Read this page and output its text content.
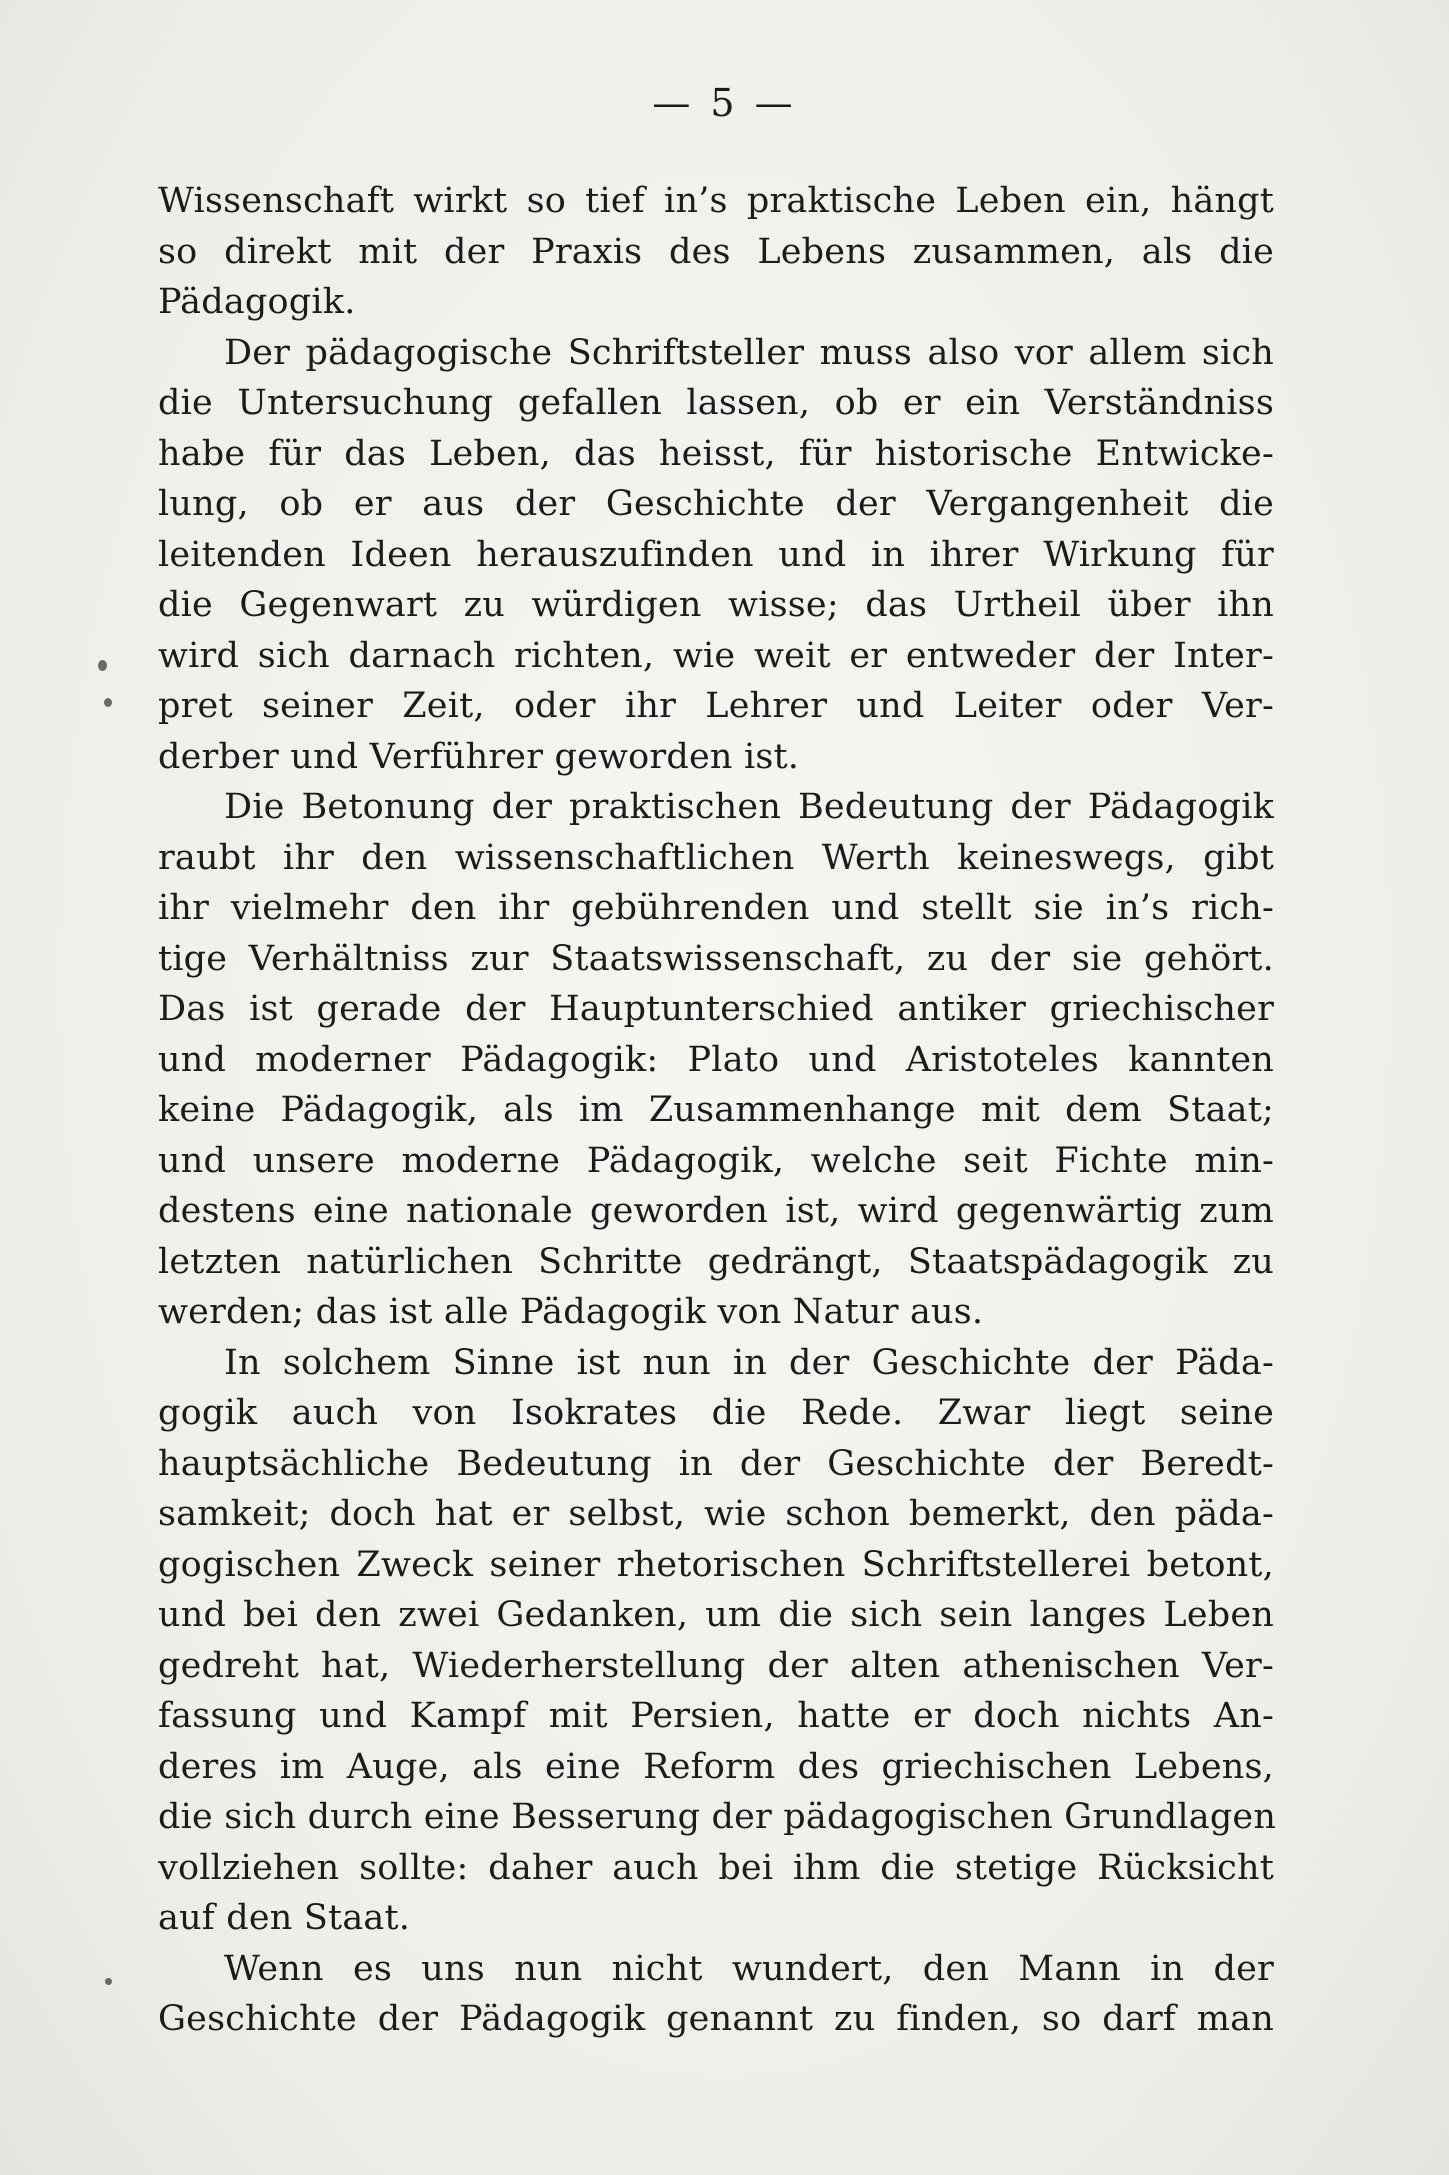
— 5 —
Wissenschaft wirkt so tief in’s praktische Leben ein, hängt
so direkt mit der Praxis des Lebens zusammen, als die
Pädagogik.
Der pädagogische Schriftsteller muss also vor allem sich
die Untersuchung gefallen lassen, ob er ein Verständniss
habe für das Leben, das heisst, für historische Entwicke-
lung, ob er aus der Geschichte der Vergangenheit die
leitenden Ideen herauszufinden und in ihrer Wirkung für
die Gegenwart zu würdigen wisse; das Urtheil über ihn
wird sich darnach richten, wie weit er entweder der Inter-
pret seiner Zeit, oder ihr Lehrer und Leiter oder Ver-
derber und Verführer geworden ist.
Die Betonung der praktischen Bedeutung der Pädagogik
raubt ihr den wissenschaftlichen Werth keineswegs, gibt
ihr vielmehr den ihr gebührenden und stellt sie in’s rich-
tige Verhältniss zur Staatswissenschaft, zu der sie gehört.
Das ist gerade der Hauptunterschied antiker griechischer
und moderner Pädagogik: Plato und Aristoteles kannten
keine Pädagogik, als im Zusammenhange mit dem Staat;
und unsere moderne Pädagogik, welche seit Fichte min-
destens eine nationale geworden ist, wird gegenwärtig zum
letzten natürlichen Schritte gedrängt, Staatspädagogik zu
werden; das ist alle Pädagogik von Natur aus.
In solchem Sinne ist nun in der Geschichte der Päda-
gogik auch von Isokrates die Rede. Zwar liegt seine
hauptsächliche Bedeutung in der Geschichte der Beredt-
samkeit; doch hat er selbst, wie schon bemerkt, den päda-
gogischen Zweck seiner rhetorischen Schriftstellerei betont,
und bei den zwei Gedanken, um die sich sein langes Leben
gedreht hat, Wiederherstellung der alten athenischen Ver-
fassung und Kampf mit Persien, hatte er doch nichts An-
deres im Auge, als eine Reform des griechischen Lebens,
die sich durch eine Besserung der pädagogischen Grundlagen
vollziehen sollte: daher auch bei ihm die stetige Rücksicht
auf den Staat.
Wenn es uns nun nicht wundert, den Mann in der
Geschichte der Pädagogik genannt zu finden, so darf man
